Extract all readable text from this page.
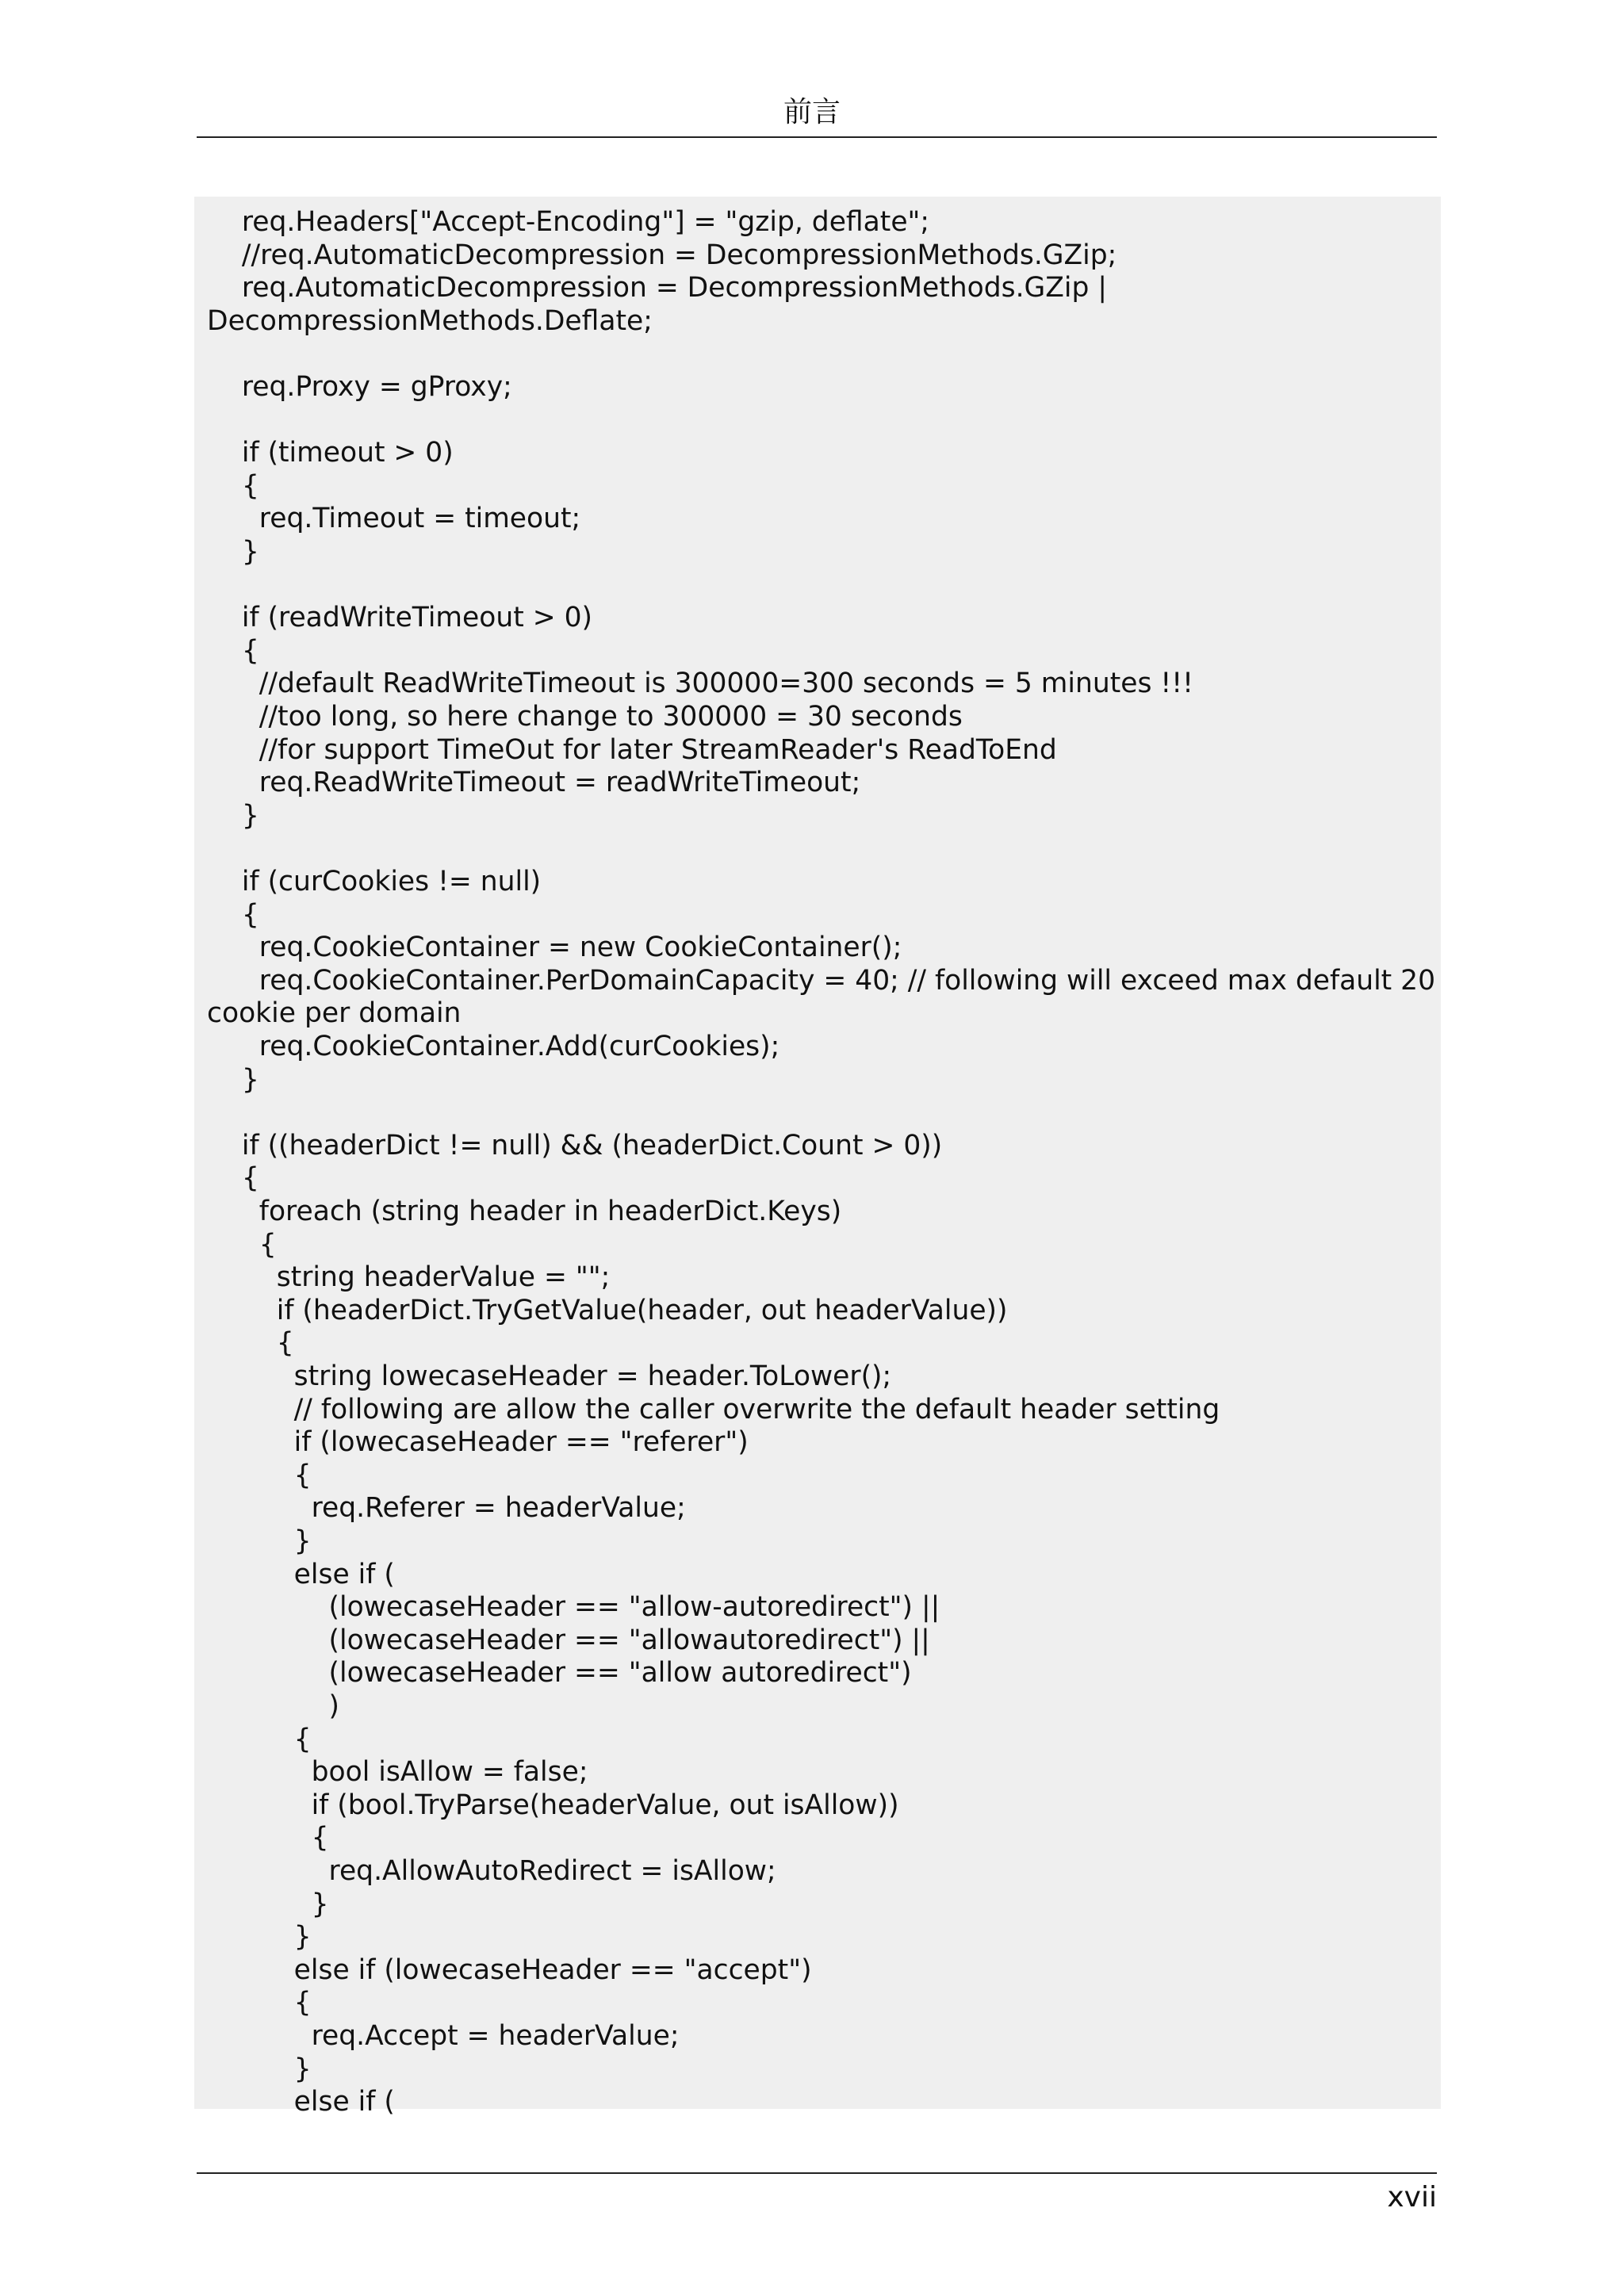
前言
req.Headers["Accept-Encoding"] = "gzip, deflate";
//req.AutomaticDecompression = DecompressionMethods.GZip;
req.AutomaticDecompression = DecompressionMethods.GZip |
DecompressionMethods.Deflate;
req.Proxy = gProxy;
if (timeout > 0)
{
req.Timeout = timeout;
}
if (readWriteTimeout > 0)
{
//default ReadWriteTimeout is 300000=300 seconds = 5 minutes !!!
//too long, so here change to 300000 = 30 seconds
//for support TimeOut for later StreamReader's ReadToEnd
req.ReadWriteTimeout = readWriteTimeout;
}
if (curCookies != null)
{
req.CookieContainer = new CookieContainer();
req.CookieContainer.PerDomainCapacity = 40; // following will exceed max default 20
cookie per domain
req.CookieContainer.Add(curCookies);
}
if ((headerDict != null) && (headerDict.Count > 0))
{
foreach (string header in headerDict.Keys)
{
string headerValue = "";
if (headerDict.TryGetValue(header, out headerValue))
{
string lowecaseHeader = header.ToLower();
// following are allow the caller overwrite the default header setting
if (lowecaseHeader == "referer")
{
req.Referer = headerValue;
}
else if (
(lowecaseHeader == "allow-autoredirect") ||
(lowecaseHeader == "allowautoredirect") ||
(lowecaseHeader == "allow autoredirect")
)
{
bool isAllow = false;
if (bool.TryParse(headerValue, out isAllow))
{
req.AllowAutoRedirect = isAllow;
}
}
else if (lowecaseHeader == "accept")
{
req.Accept = headerValue;
}
else if (
xvii
